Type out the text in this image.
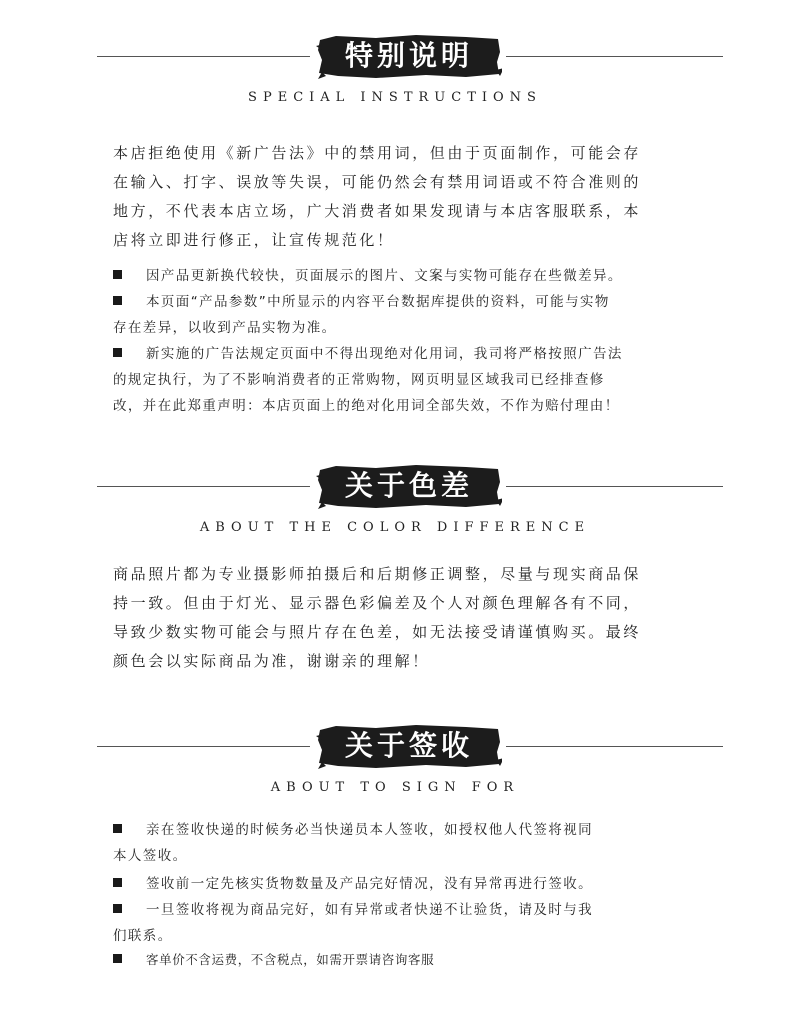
特别说明
SPECIAL INSTRUCTIONS
本店拒绝使用《新广告法》中的禁用词，但由于页面制作，可能会存
在输入、打字、误放等失误，可能仍然会有禁用词语或不符合准则的
地方，不代表本店立场，广大消费者如果发现请与本店客服联系，本
店将立即进行修正，让宣传规范化！
因产品更新换代较快，页面展示的图片、文案与实物可能存在些微差异。
本页面“产品参数”中所显示的内容平台数据库提供的资料，可能与实物
存在差异，以收到产品实物为准。
新实施的广告法规定页面中不得出现绝对化用词，我司将严格按照广告法
的规定执行，为了不影响消费者的正常购物，网页明显区域我司已经排查修
改，并在此郑重声明：本店页面上的绝对化用词全部失效，不作为赔付理由！
关于色差
ABOUT THE COLOR DIFFERENCE
商品照片都为专业摄影师拍摄后和后期修正调整，尽量与现实商品保
持一致。但由于灯光、显示器色彩偏差及个人对颜色理解各有不同，
导致少数实物可能会与照片存在色差，如无法接受请谨慎购买。最终
颜色会以实际商品为准，谢谢亲的理解！
关于签收
ABOUT TO SIGN FOR
亲在签收快递的时候务必当快递员本人签收，如授权他人代签将视同
本人签收。
签收前一定先核实货物数量及产品完好情况，没有异常再进行签收。
一旦签收将视为商品完好，如有异常或者快递不让验货，请及时与我
们联系。
客单价不含运费，不含税点，如需开票请咨询客服
